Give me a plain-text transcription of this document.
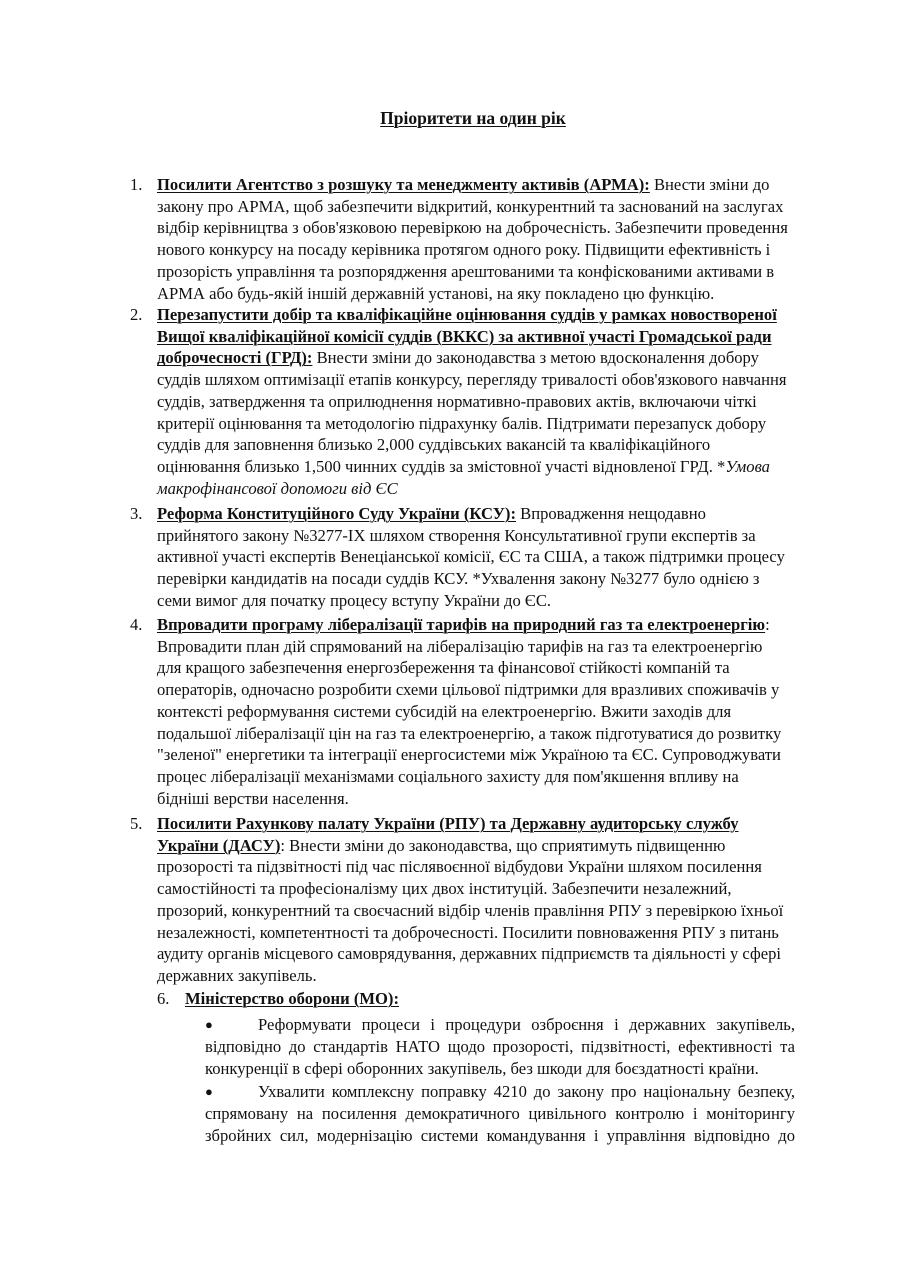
Пріоритети на один рік
1. Посилити Агентство з розшуку та менеджменту активів (АРМА): Внести зміни до
закону про АРМА, щоб забезпечити відкритий, конкурентний та заснований на заслугах
відбір керівництва з обов'язковою перевіркою на доброчесність. Забезпечити проведення
нового конкурсу на посаду керівника протягом одного року. Підвищити ефективність і
прозорість управління та розпорядження арештованими та конфіскованими активами в
АРМА або будь-якій іншій державній установі, на яку покладено цю функцію.
2. Перезапустити добір та кваліфікаційне оцінювання суддів у рамках новоствореної
Вищої кваліфікаційної комісії суддів (ВККС) за активної участі Громадської ради
доброчесності (ГРД): Внести зміни до законодавства з метою вдосконалення добору
суддів шляхом оптимізації етапів конкурсу, перегляду тривалості обов'язкового навчання
суддів, затвердження та оприлюднення нормативно-правових актів, включаючи чіткі
критерії оцінювання та методологію підрахунку балів. Підтримати перезапуск добору
суддів для заповнення близько 2,000 суддівських вакансій та кваліфікаційного
оцінювання близько 1,500 чинних суддів за змістовної участі відновленої ГРД. *Умова
макрофінансової допомоги від ЄС
3. Реформа Конституційного Суду України (КСУ): Впровадження нещодавно
прийнятого закону №3277-IX шляхом створення Консультативної групи експертів за
активної участі експертів Венеціанської комісії, ЄС та США, а також підтримки процесу
перевірки кандидатів на посади суддів КСУ. *Ухвалення закону №3277 було однією з
семи вимог для початку процесу вступу України до ЄС.
4. Впровадити програму лібералізації тарифів на природний газ та електроенергію:
Впровадити план дій спрямований на лібералізацію тарифів на газ та електроенергію
для кращого забезпечення енергозбереження та фінансової стійкості компаній та
операторів, одночасно розробити схеми цільової підтримки для вразливих споживачів у
контексті реформування системи субсидій на електроенергію. Вжити заходів для
подальшої лібералізації цін на газ та електроенергію, а також підготуватися до розвитку
"зеленої" енергетики та інтеграції енергосистеми між Україною та ЄС. Супроводжувати
процес лібералізації механізмами соціального захисту для пом'якшення впливу на
бідніші верстви населення.
5. Посилити Рахункову палату України (РПУ) та Державну аудиторську службу
України (ДАСУ): Внести зміни до законодавства, що сприятимуть підвищенню
прозорості та підзвітності під час післявоєнної відбудови України шляхом посилення
самостійності та професіоналізму цих двох інституцій. Забезпечити незалежний,
прозорий, конкурентний та своєчасний відбір членів правління РПУ з перевіркою їхньої
незалежності, компетентності та доброчесності. Посилити повноваження РПУ з питань
аудиту органів місцевого самоврядування, державних підприємств та діяльності у сфері
державних закупівель.
6. Міністерство оборони (МО):
●	Реформувати процеси і процедури озброєння і державних закупівель,
відповідно до стандартів НАТО щодо прозорості, підзвітності, ефективності та
конкуренції в сфері оборонних закупівель, без шкоди для боєздатності країни.
●	Ухвалити комплексну поправку 4210 до закону про національну безпеку,
спрямовану на посилення демократичного цивільного контролю і моніторингу
збройних сил, модернізацію системи командування і управління відповідно до
